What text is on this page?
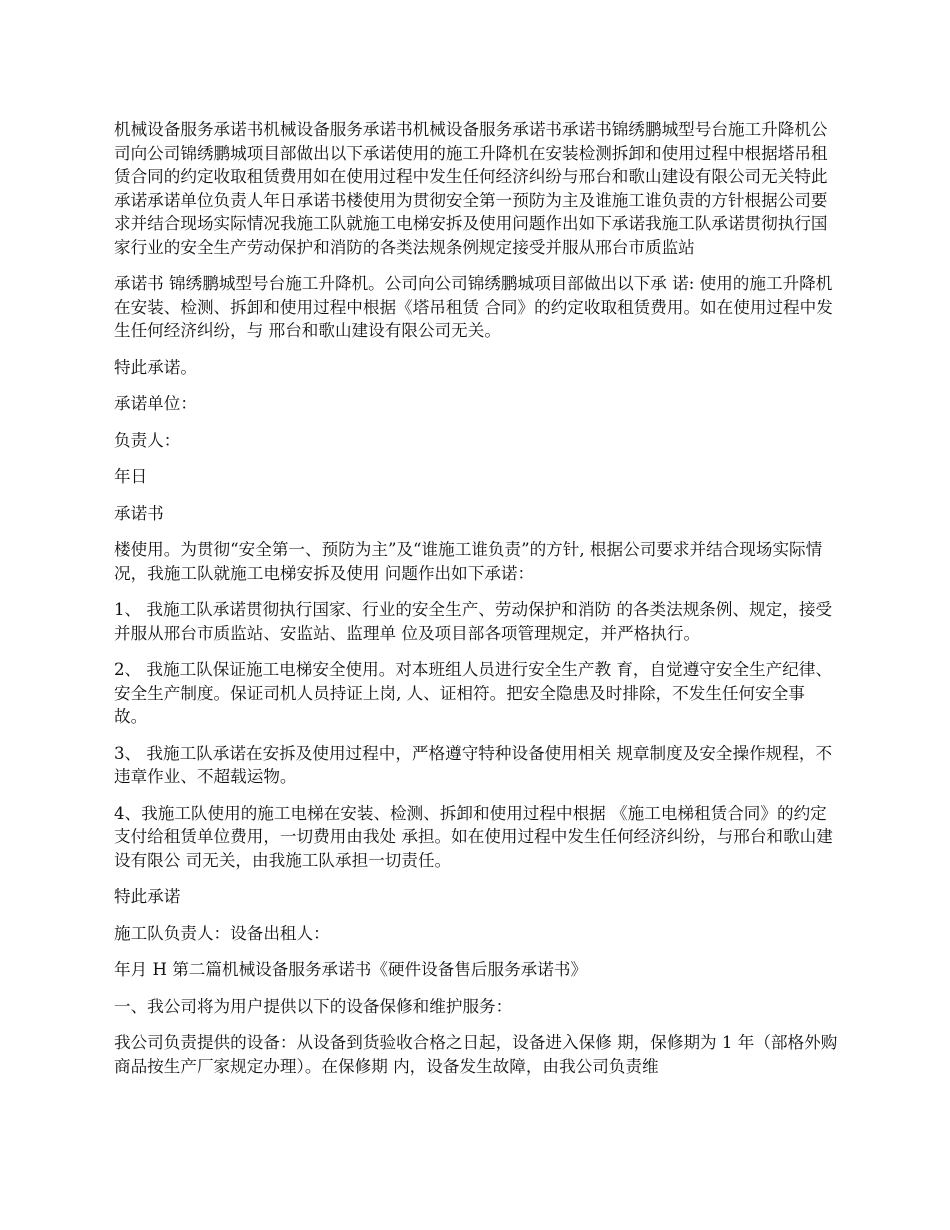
机械设备服务承诺书机械设备服务承诺书机械设备服务承诺书承诺书锦绣鹏城型号台施工升降机公司向公司锦绣鹏城项目部做出以下承诺使用的施工升降机在安装检测拆卸和使用过程中根据塔吊租赁合同的约定收取租赁费用如在使用过程中发生任何经济纠纷与邢台和歌山建设有限公司无关特此承诺承诺单位负责人年日承诺书楼使用为贯彻安全第一预防为主及谁施工谁负责的方针根据公司要求并结合现场实际情况我施工队就施工电梯安拆及使用问题作出如下承诺我施工队承诺贯彻执行国家行业的安全生产劳动保护和消防的各类法规条例规定接受并服从邢台市质监站

承诺书 锦绣鹏城型号台施工升降机。公司向公司锦绣鹏城项目部做出以下承 诺: 使用的施工升降机在安装、检测、拆卸和使用过程中根据《塔吊租赁 合同》的约定收取租赁费用。如在使用过程中发生任何经济纠纷，与 邢台和歌山建设有限公司无关。

特此承诺。

承诺单位：

负责人：

年日

承诺书

楼使用。为贯彻“安全第一、预防为主”及“谁施工谁负责”的方针, 根据公司要求并结合现场实际情况，我施工队就施工电梯安拆及使用 问题作出如下承诺：

1、 我施工队承诺贯彻执行国家、行业的安全生产、劳动保护和消防 的各类法规条例、规定，接受并服从邢台市质监站、安监站、监理单 位及项目部各项管理规定，并严格执行。

2、 我施工队保证施工电梯安全使用。对本班组人员进行安全生产教 育，自觉遵守安全生产纪律、安全生产制度。保证司机人员持证上岗, 人、证相符。把安全隐患及时排除，不发生任何安全事故。

3、 我施工队承诺在安拆及使用过程中，严格遵守特种设备使用相关 规章制度及安全操作规程，不违章作业、不超载运物。

4、我施工队使用的施工电梯在安装、检测、拆卸和使用过程中根据 《施工电梯租赁合同》的约定支付给租赁单位费用，一切费用由我处 承担。如在使用过程中发生任何经济纠纷，与邢台和歌山建设有限公 司无关，由我施工队承担一切责任。

特此承诺

施工队负责人：设备出租人：

年月 H 第二篇机械设备服务承诺书《硬件设备售后服务承诺书》

一、我公司将为用户提供以下的设备保修和维护服务：

我公司负责提供的设备：从设备到货验收合格之日起，设备进入保修 期，保修期为 1 年（部格外购商品按生产厂家规定办理）。在保修期 内，设备发生故障，由我公司负责维
